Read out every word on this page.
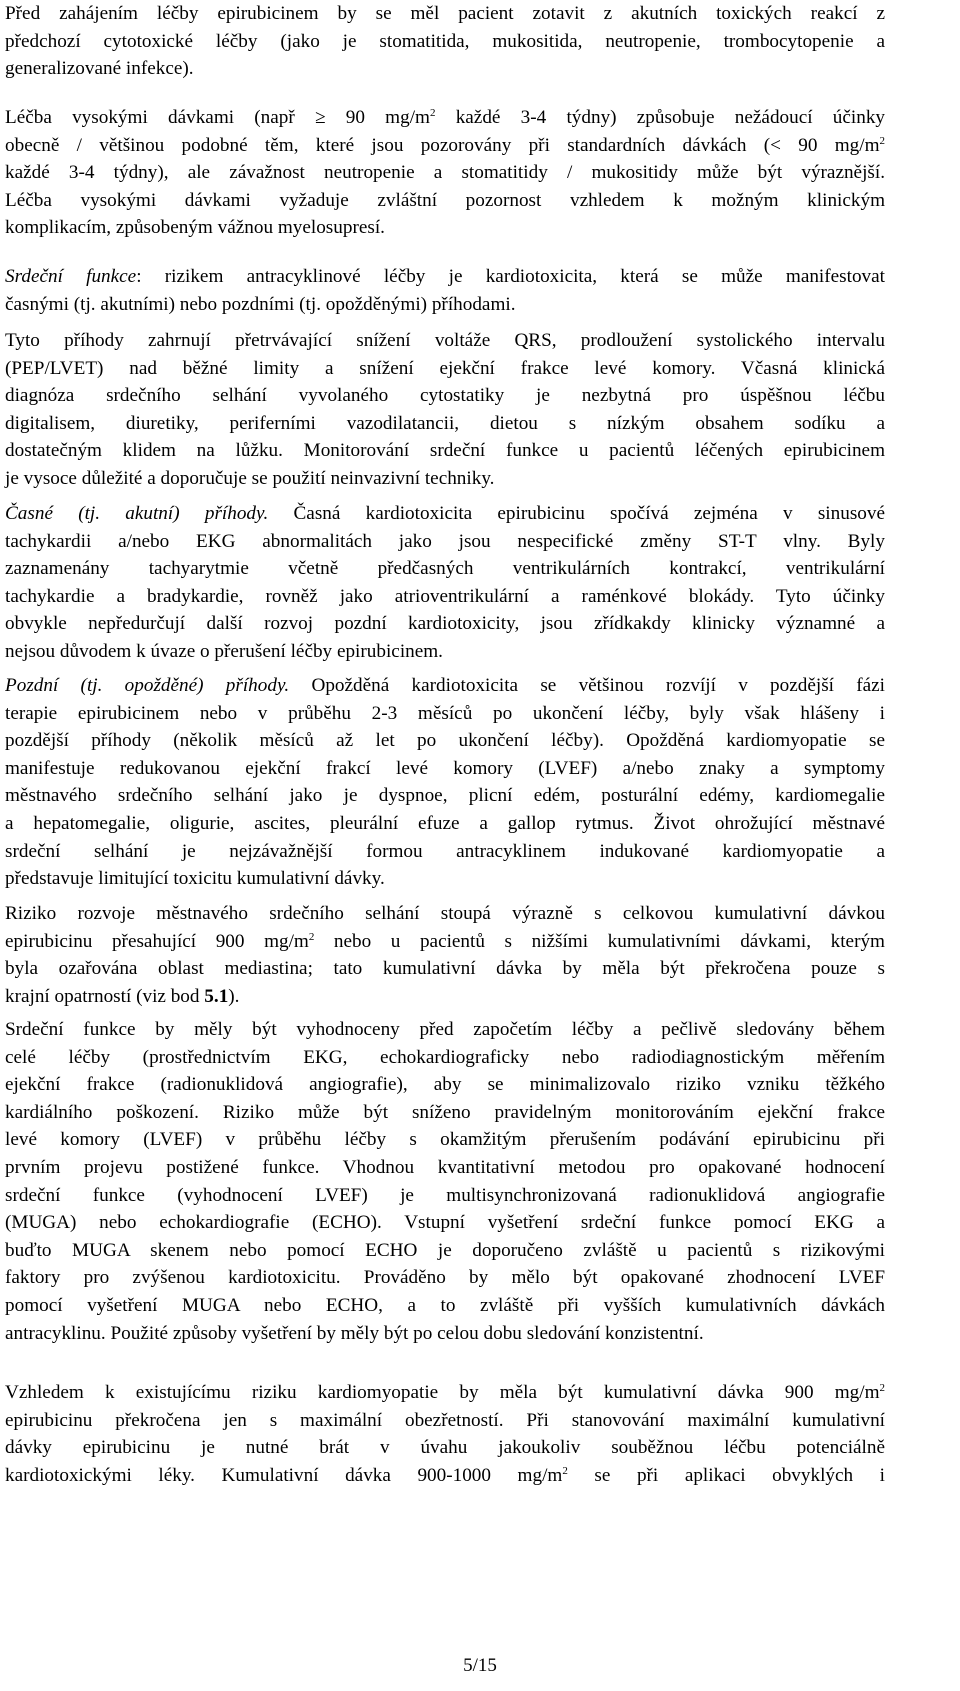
Před zahájením léčby epirubicinem by se měl pacient zotavit z akutních toxických reakcí z
předchozí cytotoxické léčby (jako je stomatitida, mukositida, neutropenie, trombocytopenie a
generalizované infekce).
Léčba vysokými dávkami (např ≥ 90 $mg/m^2$ každé 3-4 týdny) způsobuje nežádoucí účinky
obecně / většinou podobné těm, které jsou pozorovány při standardních dávkách (< 90 $mg/m^2$
každé 3-4 týdny), ale závažnost neutropenie a stomatitidy / mukositidy může být výraznější.
Léčba vysokými dávkami vyžaduje zvláštní pozornost vzhledem k možným klinickým
komplikacím, způsobeným vážnou myelosupresí.
Srdeční funkce: rizikem antracyklinové léčby je kardiotoxicita, která se může manifestovat
časnými (tj. akutními) nebo pozdními (tj. opožděnými) příhodami.
Tyto příhody zahrnují přetrvávající snížení voltáže QRS, prodloužení systolického intervalu
(PEP/LVET) nad běžné limity a snížení ejekční frakce levé komory. Včasná klinická
diagnóza srdečního selhání vyvolaného cytostatiky je nezbytná pro úspěšnou léčbu
digitalisem, diuretiky, periferními vazodilatancii, dietou s nízkým obsahem sodíku a
dostatečným klidem na lůžku. Monitorování srdeční funkce u pacientů léčených epirubicinem
je vysoce důležité a doporučuje se použití neinvazivní techniky.
Časné (tj. akutní) příhody. Časná kardiotoxicita epirubicinu spočívá zejména v sinusové
tachykardii a/nebo EKG abnormalitách jako jsou nespecifické změny ST-T vlny. Byly
zaznamenány tachyarytmie včetně předčasných ventrikulárních kontrakcí, ventrikulární
tachykardie a bradykardie, rovněž jako atrioventrikulární a raménkové blokády. Tyto účinky
obvykle nepředurčují další rozvoj pozdní kardiotoxicity, jsou zřídkakdy klinicky významné a
nejsou důvodem k úvaze o přerušení léčby epirubicinem.
Pozdní (tj. opožděné) příhody. Opožděná kardiotoxicita se většinou rozvíjí v pozdější fázi
terapie epirubicinem nebo v průběhu 2-3 měsíců po ukončení léčby, byly však hlášeny i
pozdější příhody (několik měsíců až let po ukončení léčby). Opožděná kardiomyopatie se
manifestuje redukovanou ejekční frakcí levé komory (LVEF) a/nebo znaky a symptomy
městnavého srdečního selhání jako je dyspnoe, plicní edém, posturální edémy, kardiomegalie
a hepatomegalie, oligurie, ascites, pleurální efuze a gallop rytmus. Život ohrožující městnavé
srdeční selhání je nejzávažnější formou antracyklinem indukované kardiomyopatie a
představuje limitující toxicitu kumulativní dávky.
Riziko rozvoje městnavého srdečního selhání stoupá výrazně s celkovou kumulativní dávkou
epirubicinu přesahující 900 $mg/m^2$ nebo u pacientů s nižšími kumulativními dávkami, kterým
byla ozařována oblast mediastina; tato kumulativní dávka by měla být překročena pouze s
krajní opatrností (viz bod 5.1).
Srdeční funkce by měly být vyhodnoceny před započetím léčby a pečlivě sledovány během
celé léčby (prostřednictvím EKG, echokardiograficky nebo radiodiagnostickým měřením
ejekční frakce (radionuklidová angiografie), aby se minimalizovalo riziko vzniku těžkého
kardiálního poškození. Riziko může být sníženo pravidelným monitorováním ejekční frakce
levé komory (LVEF) v průběhu léčby s okamžitým přerušením podávání epirubicinu při
prvním projevu postižené funkce. Vhodnou kvantitativní metodou pro opakované hodnocení
srdeční funkce (vyhodnocení LVEF) je multisynchronizovaná radionuklidová angiografie
(MUGA) nebo echokardiografie (ECHO). Vstupní vyšetření srdeční funkce pomocí EKG a
buďto MUGA skenem nebo pomocí ECHO je doporučeno zvláště u pacientů s rizikovými
faktory pro zvýšenou kardiotoxicitu. Prováděno by mělo být opakované zhodnocení LVEF
pomocí vyšetření MUGA nebo ECHO, a to zvláště při vyšších kumulativních dávkách
antracyklinu. Použité způsoby vyšetření by měly být po celou dobu sledování konzistentní.
Vzhledem k existujícímu riziku kardiomyopatie by měla být kumulativní dávka 900 $mg/m^2$
epirubicinu překročena jen s maximální obezřetností. Při stanovování maximální kumulativní
dávky epirubicinu je nutné brát v úvahu jakoukoliv souběžnou léčbu potenciálně
kardiotoxickými léky. Kumulativní dávka 900-1000 $mg/m^2$ se při aplikaci obvyklých i
5/15
